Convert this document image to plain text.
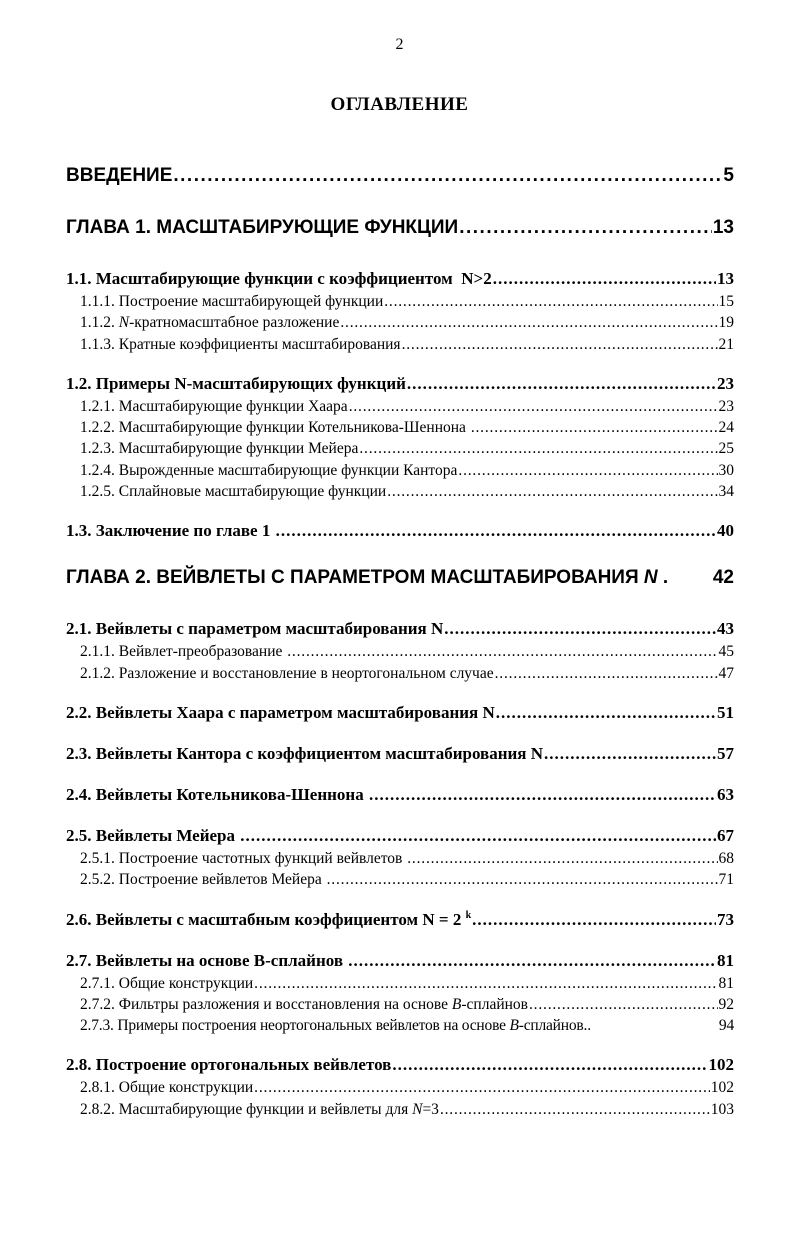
2
ОГЛАВЛЕНИЕ
ВВЕДЕНИЕ .....	5
ГЛАВА 1. МАСШТАБИРУЮЩИЕ ФУНКЦИИ .....	13
1.1. Масштабирующие функции с коэффициентом  N>2 .....	13
1.1.1. Построение масштабирующей функции .....	15
1.1.2. N-кратномасштабное разложение .....	19
1.1.3. Кратные коэффициенты масштабирования .....	21
1.2. Примеры N-масштабирующих функций .....	23
1.2.1. Масштабирующие функции Хаара .....	23
1.2.2. Масштабирующие функции Котельникова-Шеннона .....	24
1.2.3. Масштабирующие функции Мейера .....	25
1.2.4. Вырожденные масштабирующие функции Кантора .....	30
1.2.5. Сплайновые масштабирующие функции .....	34
1.3. Заключение по главе 1 .....	40
ГЛАВА 2. ВЕЙВЛЕТЫ С ПАРАМЕТРОМ МАСШТАБИРОВАНИЯ N . 42
2.1. Вейвлеты с параметром масштабирования N .....	43
2.1.1. Вейвлет-преобразование .....	45
2.1.2. Разложение и восстановление в неортогональном случае .....	47
2.2. Вейвлеты Хаара с параметром масштабирования N .....	51
2.3. Вейвлеты Кантора с коэффициентом масштабирования N .....	57
2.4. Вейвлеты Котельникова-Шеннона .....	63
2.5. Вейвлеты Мейера .....	67
2.5.1. Построение частотных функций вейвлетов .....	68
2.5.2. Построение вейвлетов Мейера .....	71
2.6. Вейвлеты с масштабным коэффициентом N = 2 $^k$ .....	73
2.7. Вейвлеты на основе B-сплайнов .....	81
2.7.1. Общие конструкции .....	81
2.7.2. Фильтры разложения и восстановления на основе B-сплайнов .....	92
2.7.3. Примеры построения неортогональных вейвлетов на основе B-сплайнов..	94
2.8. Построение ортогональных вейвлетов .....	102
2.8.1. Общие конструкции .....	102
2.8.2. Масштабирующие функции и вейвлеты для N=3 .....	103
